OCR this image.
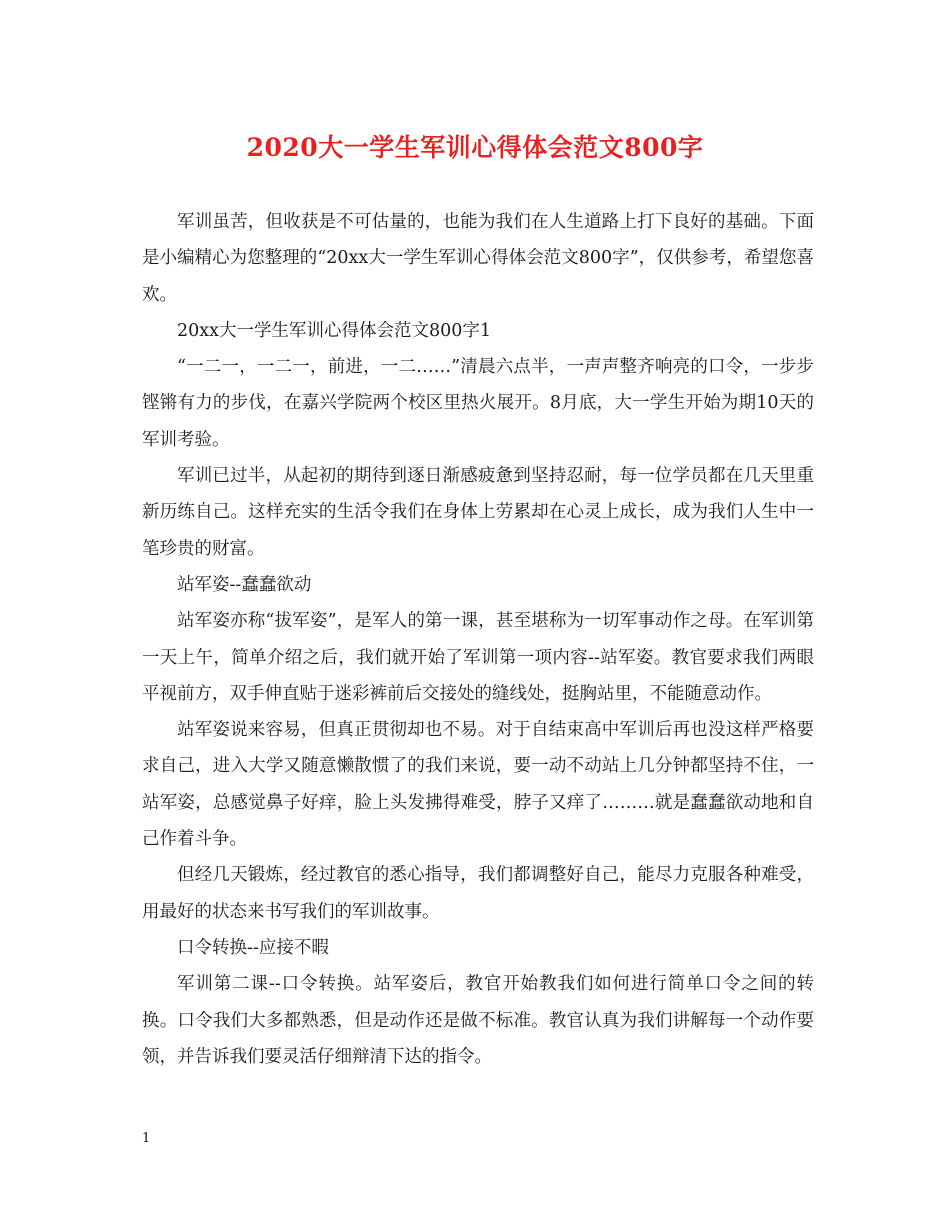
2020大一学生军训心得体会范文800字

军训虽苦，但收获是不可估量的，也能为我们在人生道路上打下良好的基础。下面是小编精心为您整理的“20xx大一学生军训心得体会范文800字”，仅供参考，希望您喜欢。

20xx大一学生军训心得体会范文800字1

“一二一，一二一，前进，一二……”清晨六点半，一声声整齐响亮的口令，一步步铿锵有力的步伐，在嘉兴学院两个校区里热火展开。8月底，大一学生开始为期10天的军训考验。

军训已过半，从起初的期待到逐日渐感疲惫到坚持忍耐，每一位学员都在几天里重新历练自己。这样充实的生活令我们在身体上劳累却在心灵上成长，成为我们人生中一笔珍贵的财富。

站军姿--蠢蠢欲动

站军姿亦称“拔军姿”，是军人的第一课，甚至堪称为一切军事动作之母。在军训第一天上午，简单介绍之后，我们就开始了军训第一项内容--站军姿。教官要求我们两眼平视前方，双手伸直贴于迷彩裤前后交接处的缝线处，挺胸站里，不能随意动作。

站军姿说来容易，但真正贯彻却也不易。对于自结束高中军训后再也没这样严格要求自己，进入大学又随意懒散惯了的我们来说，要一动不动站上几分钟都坚持不住，一站军姿，总感觉鼻子好痒，脸上头发拂得难受，脖子又痒了………就是蠢蠢欲动地和自己作着斗争。

但经几天锻炼，经过教官的悉心指导，我们都调整好自己，能尽力克服各种难受，用最好的状态来书写我们的军训故事。

口令转换--应接不暇

军训第二课--口令转换。站军姿后，教官开始教我们如何进行简单口令之间的转换。口令我们大多都熟悉，但是动作还是做不标准。教官认真为我们讲解每一个动作要领，并告诉我们要灵活仔细辩清下达的指令。

1
